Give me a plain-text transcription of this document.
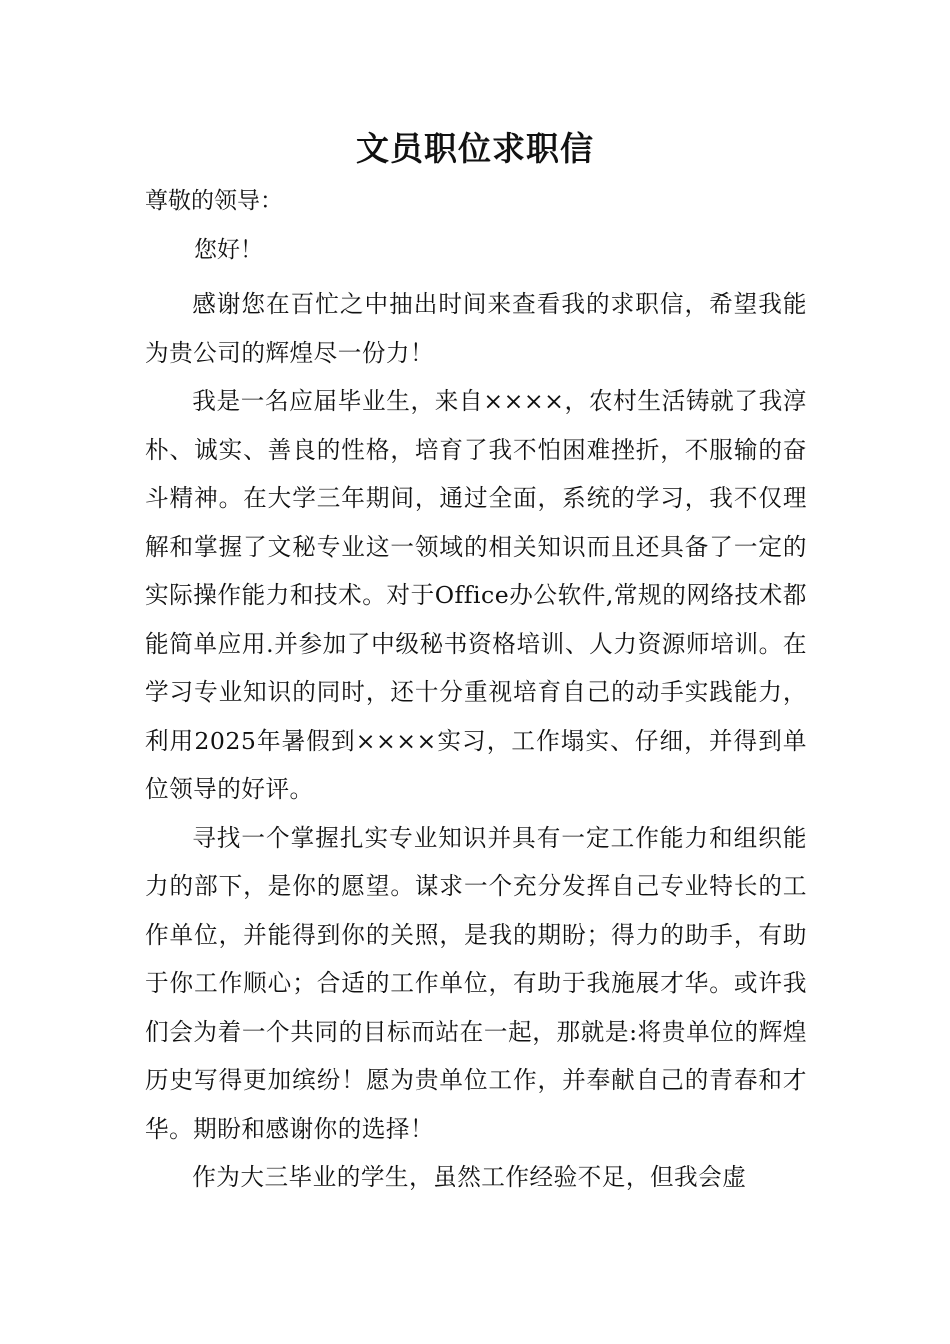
文员职位求职信

尊敬的领导：

您好！

感谢您在百忙之中抽出时间来查看我的求职信，希望我能为贵公司的辉煌尽一份力！

我是一名应届毕业生，来自××××，农村生活铸就了我淳朴、诚实、善良的性格，培育了我不怕困难挫折，不服输的奋斗精神。在大学三年期间，通过全面，系统的学习，我不仅理解和掌握了文秘专业这一领域的相关知识而且还具备了一定的实际操作能力和技术。对于Office办公软件,常规的网络技术都能简单应用.并参加了中级秘书资格培训、人力资源师培训。在学习专业知识的同时，还十分重视培育自己的动手实践能力，利用2025年暑假到××××实习，工作塌实、仔细，并得到单位领导的好评。

寻找一个掌握扎实专业知识并具有一定工作能力和组织能力的部下，是你的愿望。谋求一个充分发挥自己专业特长的工作单位，并能得到你的关照，是我的期盼；得力的助手，有助于你工作顺心；合适的工作单位，有助于我施展才华。或许我们会为着一个共同的目标而站在一起，那就是:将贵单位的辉煌历史写得更加缤纷！愿为贵单位工作，并奉献自己的青春和才华。期盼和感谢你的选择！

作为大三毕业的学生，虽然工作经验不足，但我会虚
